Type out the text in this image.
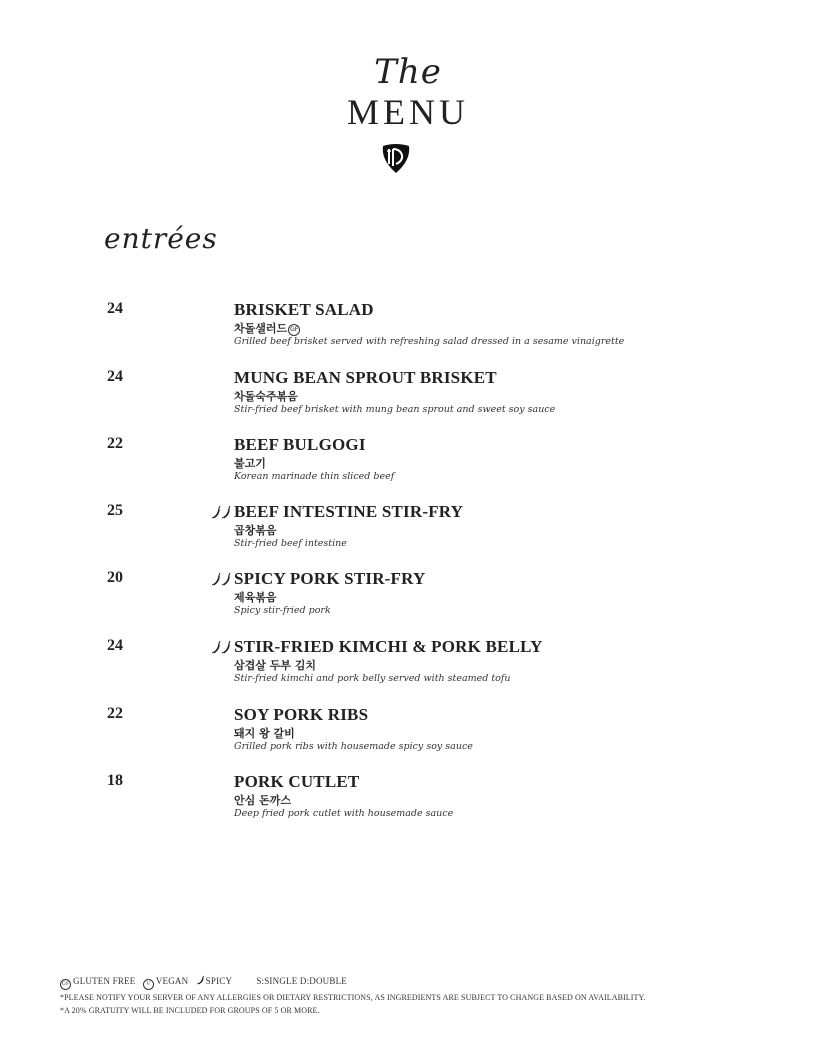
The
MENU
entrées
24	BRISKET SALAD
차돌샐러드 GF
Grilled beef brisket served with refreshing salad dressed in a sesame vinaigrette
24	MUNG BEAN SPROUT BRISKET
차돌숙주볶음
Stir-fried beef brisket with mung bean sprout and sweet soy sauce
22	BEEF BULGOGI
불고기
Korean marinade thin sliced beef
25	BEEF INTESTINE STIR-FRY
곱창볶음
Stir-fried beef intestine
20	SPICY PORK STIR-FRY
제육볶음
Spicy stir-fried pork
24	STIR-FRIED KIMCHI & PORK BELLY
삼겹살 두부 김치
Stir-fried kimchi and pork belly served with steamed tofu
22	SOY PORK RIBS
돼지 왕 갈비
Grilled pork ribs with housemade spicy soy sauce
18	PORK CUTLET
안심 돈까스
Deep fried pork cutlet with housemade sauce
GF GLUTEN FREE V VEGAN SPICY	S:SINGLE D:DOUBLE
*PLEASE NOTIFY YOUR SERVER OF ANY ALLERGIES OR DIETARY RESTRICTIONS, AS INGREDIENTS ARE SUBJECT TO CHANGE BASED ON AVAILABILITY.
*A 20% GRATUITY WILL BE INCLUDED FOR GROUPS OF 5 OR MORE.
